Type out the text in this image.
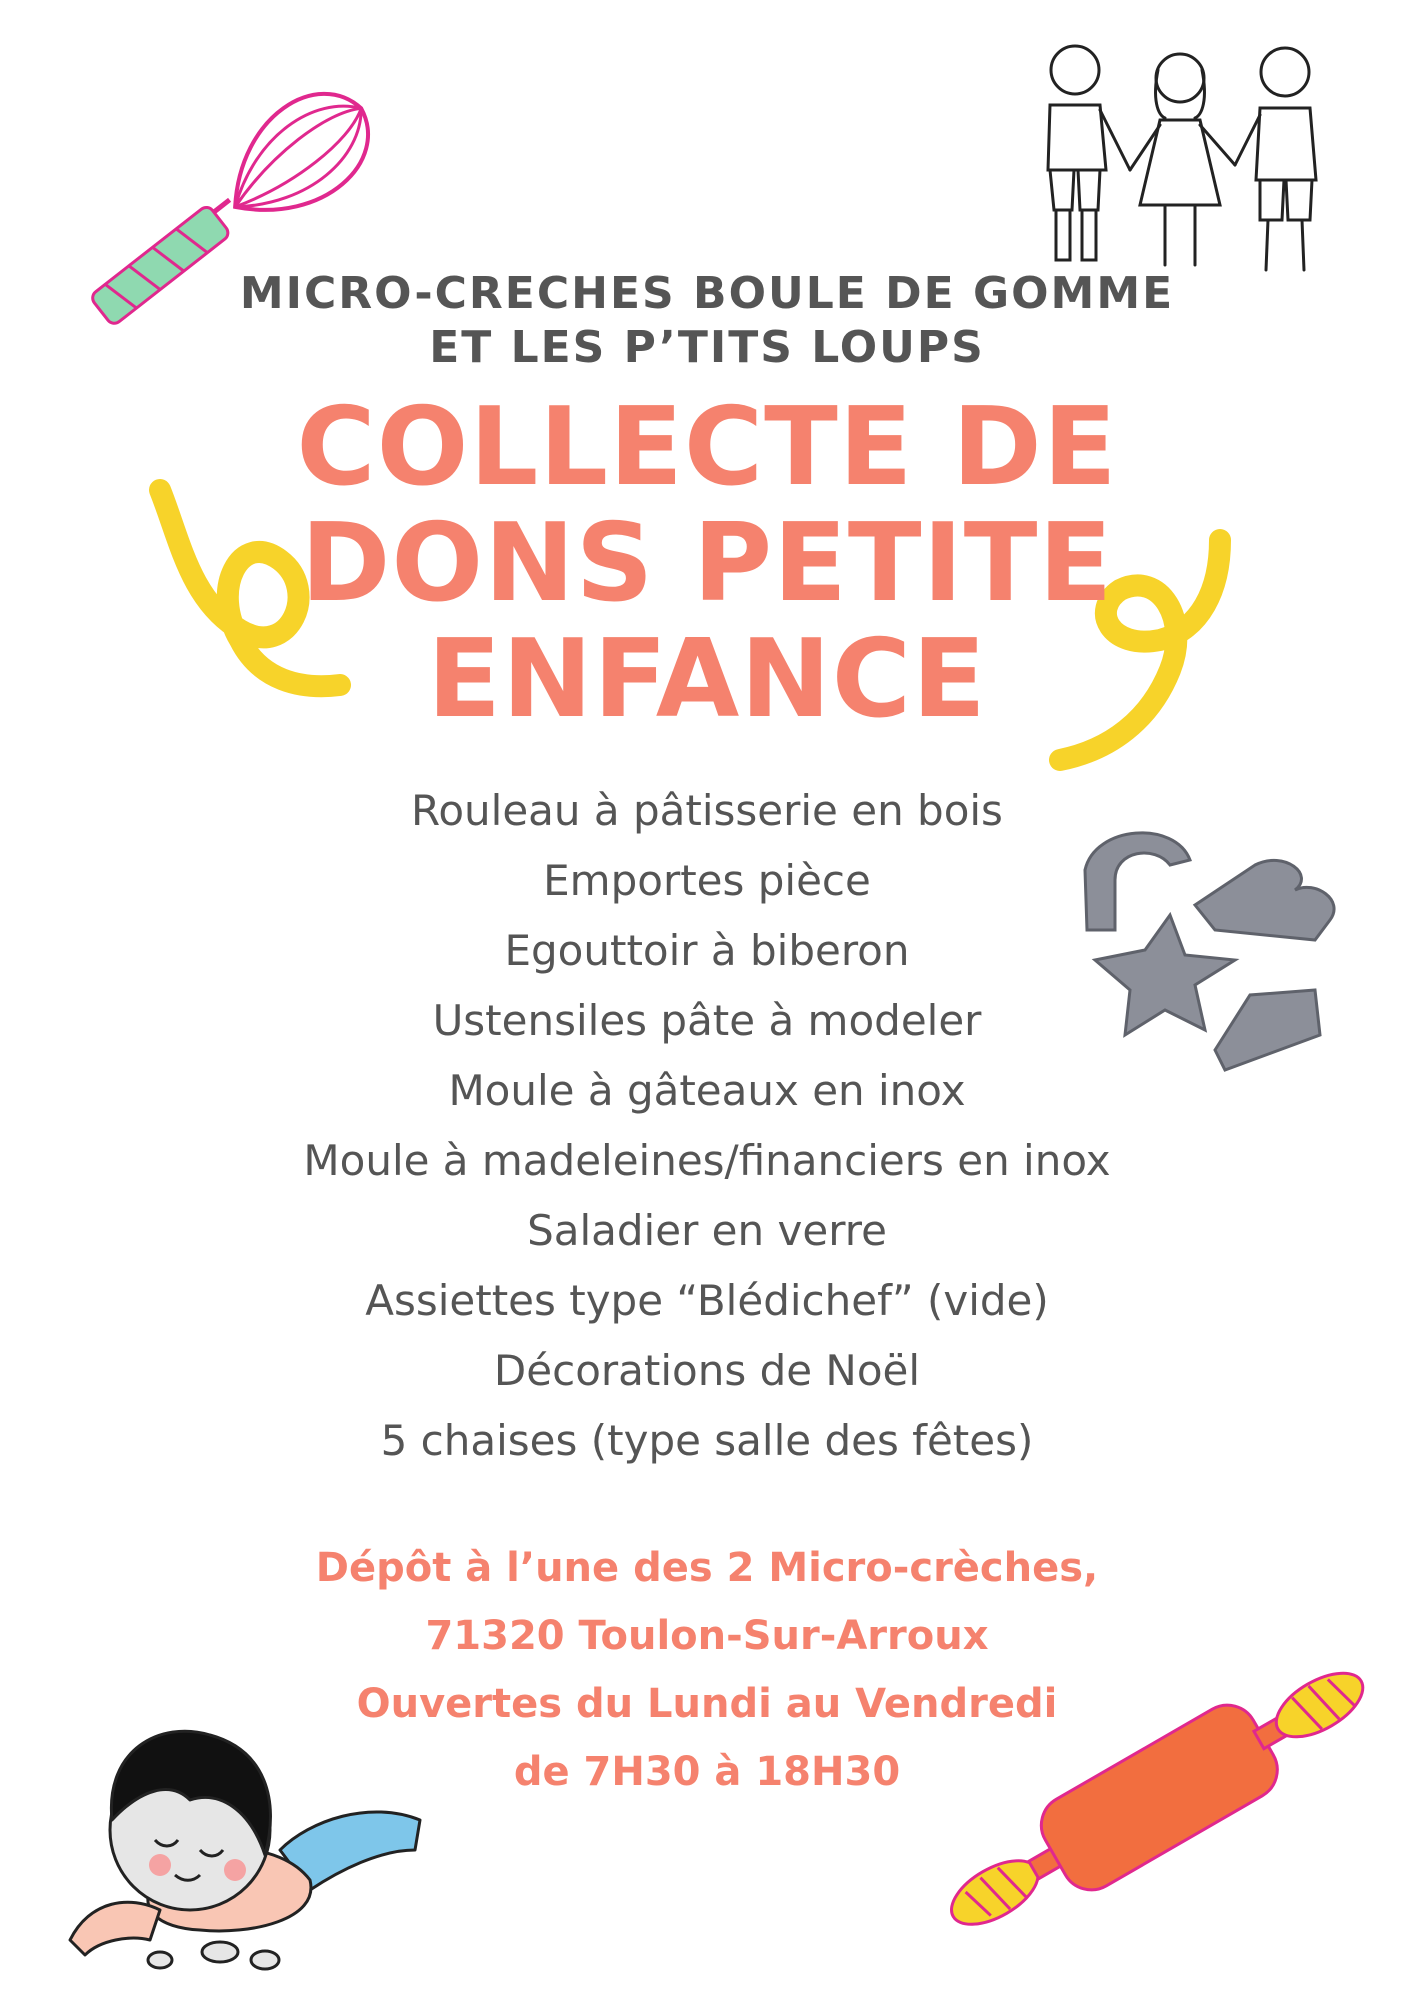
MICRO-CRECHES BOULE DE GOMME
ET LES P’TITS LOUPS
COLLECTE DE
DONS PETITE
ENFANCE
Rouleau à pâtisserie en bois
Emportes pièce
Egouttoir à biberon
Ustensiles pâte à modeler
Moule à gâteaux en inox
Moule à madeleines/financiers en inox
Saladier en verre
Assiettes type “Blédichef” (vide)
Décorations de Noël
5 chaises (type salle des fêtes)
Dépôt à l’une des 2 Micro-crèches,
71320 Toulon-Sur-Arroux
Ouvertes du Lundi au Vendredi
de 7H30 à 18H30
